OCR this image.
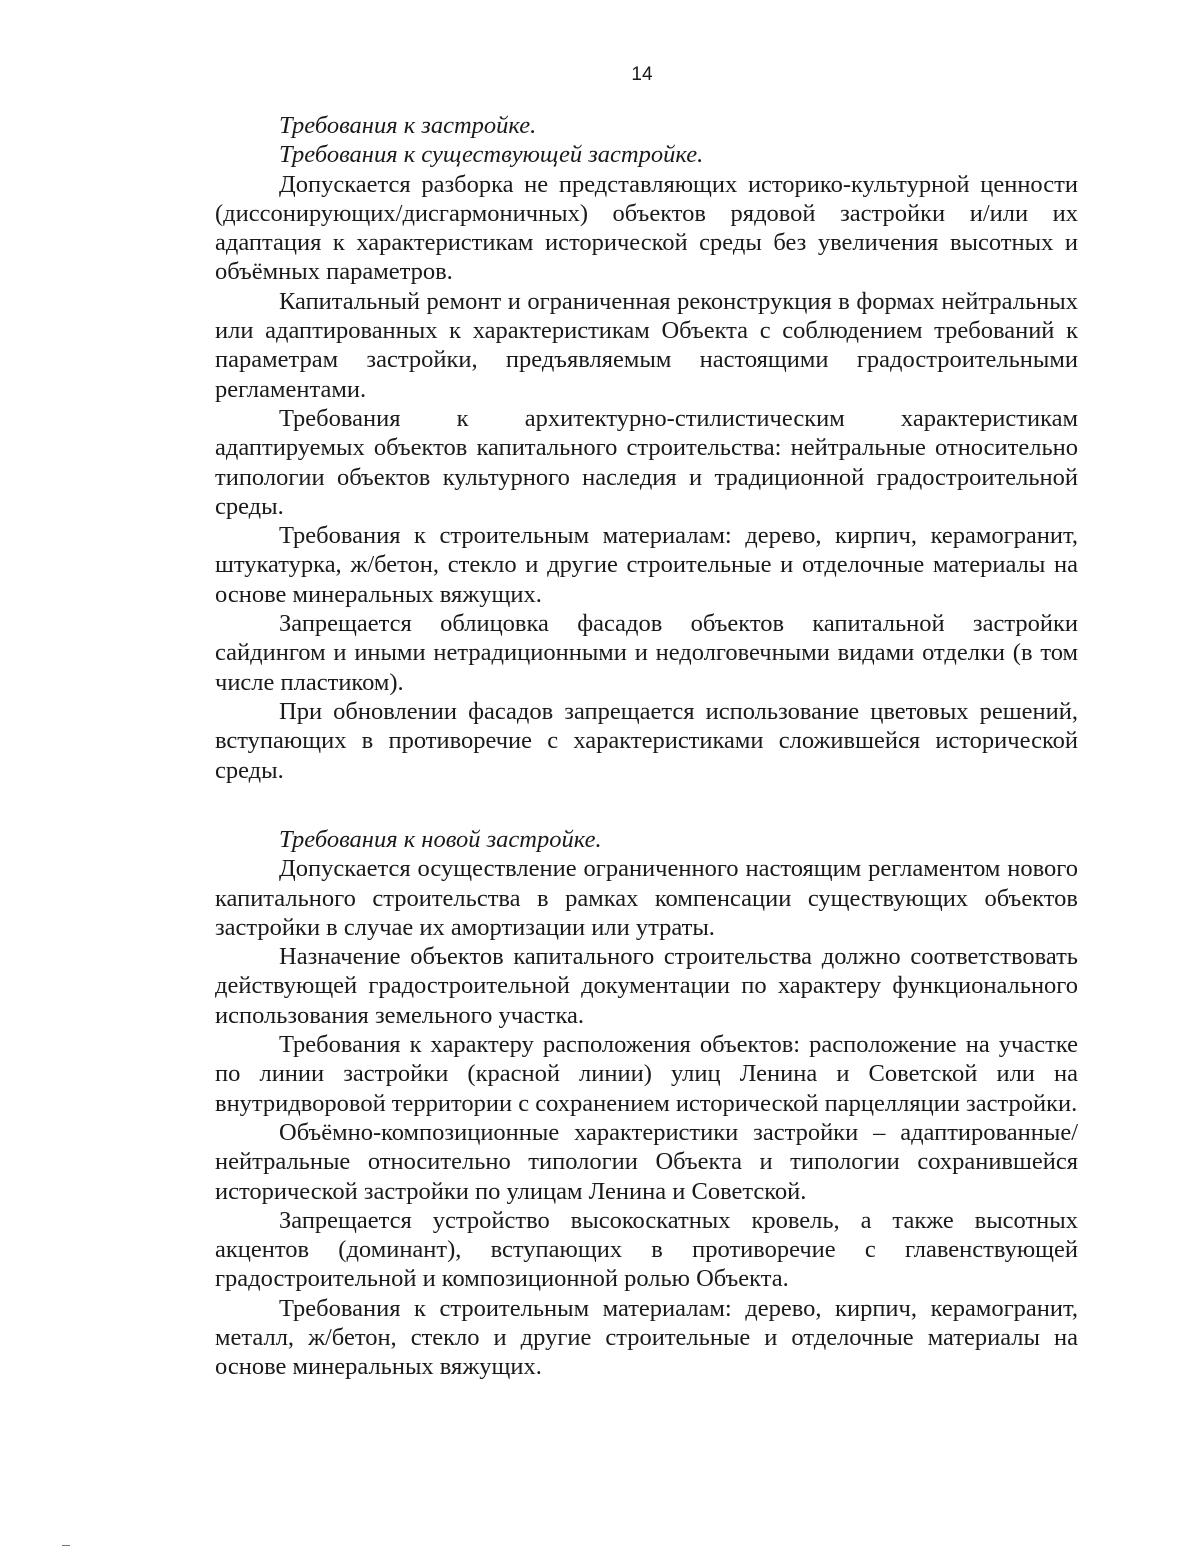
14

Требования к застройке.

Требования к существующей застройке.

Допускается разборка не представляющих историко-культурной ценности (диссонирующих/дисгармоничных) объектов рядовой застройки и/или их адаптация к характеристикам исторической среды без увеличения высотных и объёмных параметров.

Капитальный ремонт и ограниченная реконструкция в формах нейтральных или адаптированных к характеристикам Объекта с соблюдением требований к параметрам застройки, предъявляемым настоящими градостроительными регламентами.

Требования к архитектурно-стилистическим характеристикам адаптируемых объектов капитального строительства: нейтральные относительно типологии объектов культурного наследия и традиционной градостроительной среды.

Требования к строительным материалам: дерево, кирпич, керамогранит, штукатурка, ж/бетон, стекло и другие строительные и отделочные материалы на основе минеральных вяжущих.

Запрещается облицовка фасадов объектов капитальной застройки сайдингом и иными нетрадиционными и недолговечными видами отделки (в том числе пластиком).

При обновлении фасадов запрещается использование цветовых решений, вступающих в противоречие с характеристиками сложившейся исторической среды.

Требования к новой застройке.

Допускается осуществление ограниченного настоящим регламентом нового капитального строительства в рамках компенсации существующих объектов застройки в случае их амортизации или утраты.

Назначение объектов капитального строительства должно соответствовать действующей градостроительной документации по характеру функционального использования земельного участка.

Требования к характеру расположения объектов: расположение на участке по линии застройки (красной линии) улиц Ленина и Советской или на внутридворовой территории с сохранением исторической парцелляции застройки.

Объёмно-композиционные характеристики застройки – адаптированные/нейтральные относительно типологии Объекта и типологии сохранившейся исторической застройки по улицам Ленина и Советской.

Запрещается устройство высокоскатных кровель, а также высотных акцентов (доминант), вступающих в противоречие с главенствующей градостроительной и композиционной ролью Объекта.

Требования к строительным материалам: дерево, кирпич, керамогранит, металл, ж/бетон, стекло и другие строительные и отделочные материалы на основе минеральных вяжущих.
